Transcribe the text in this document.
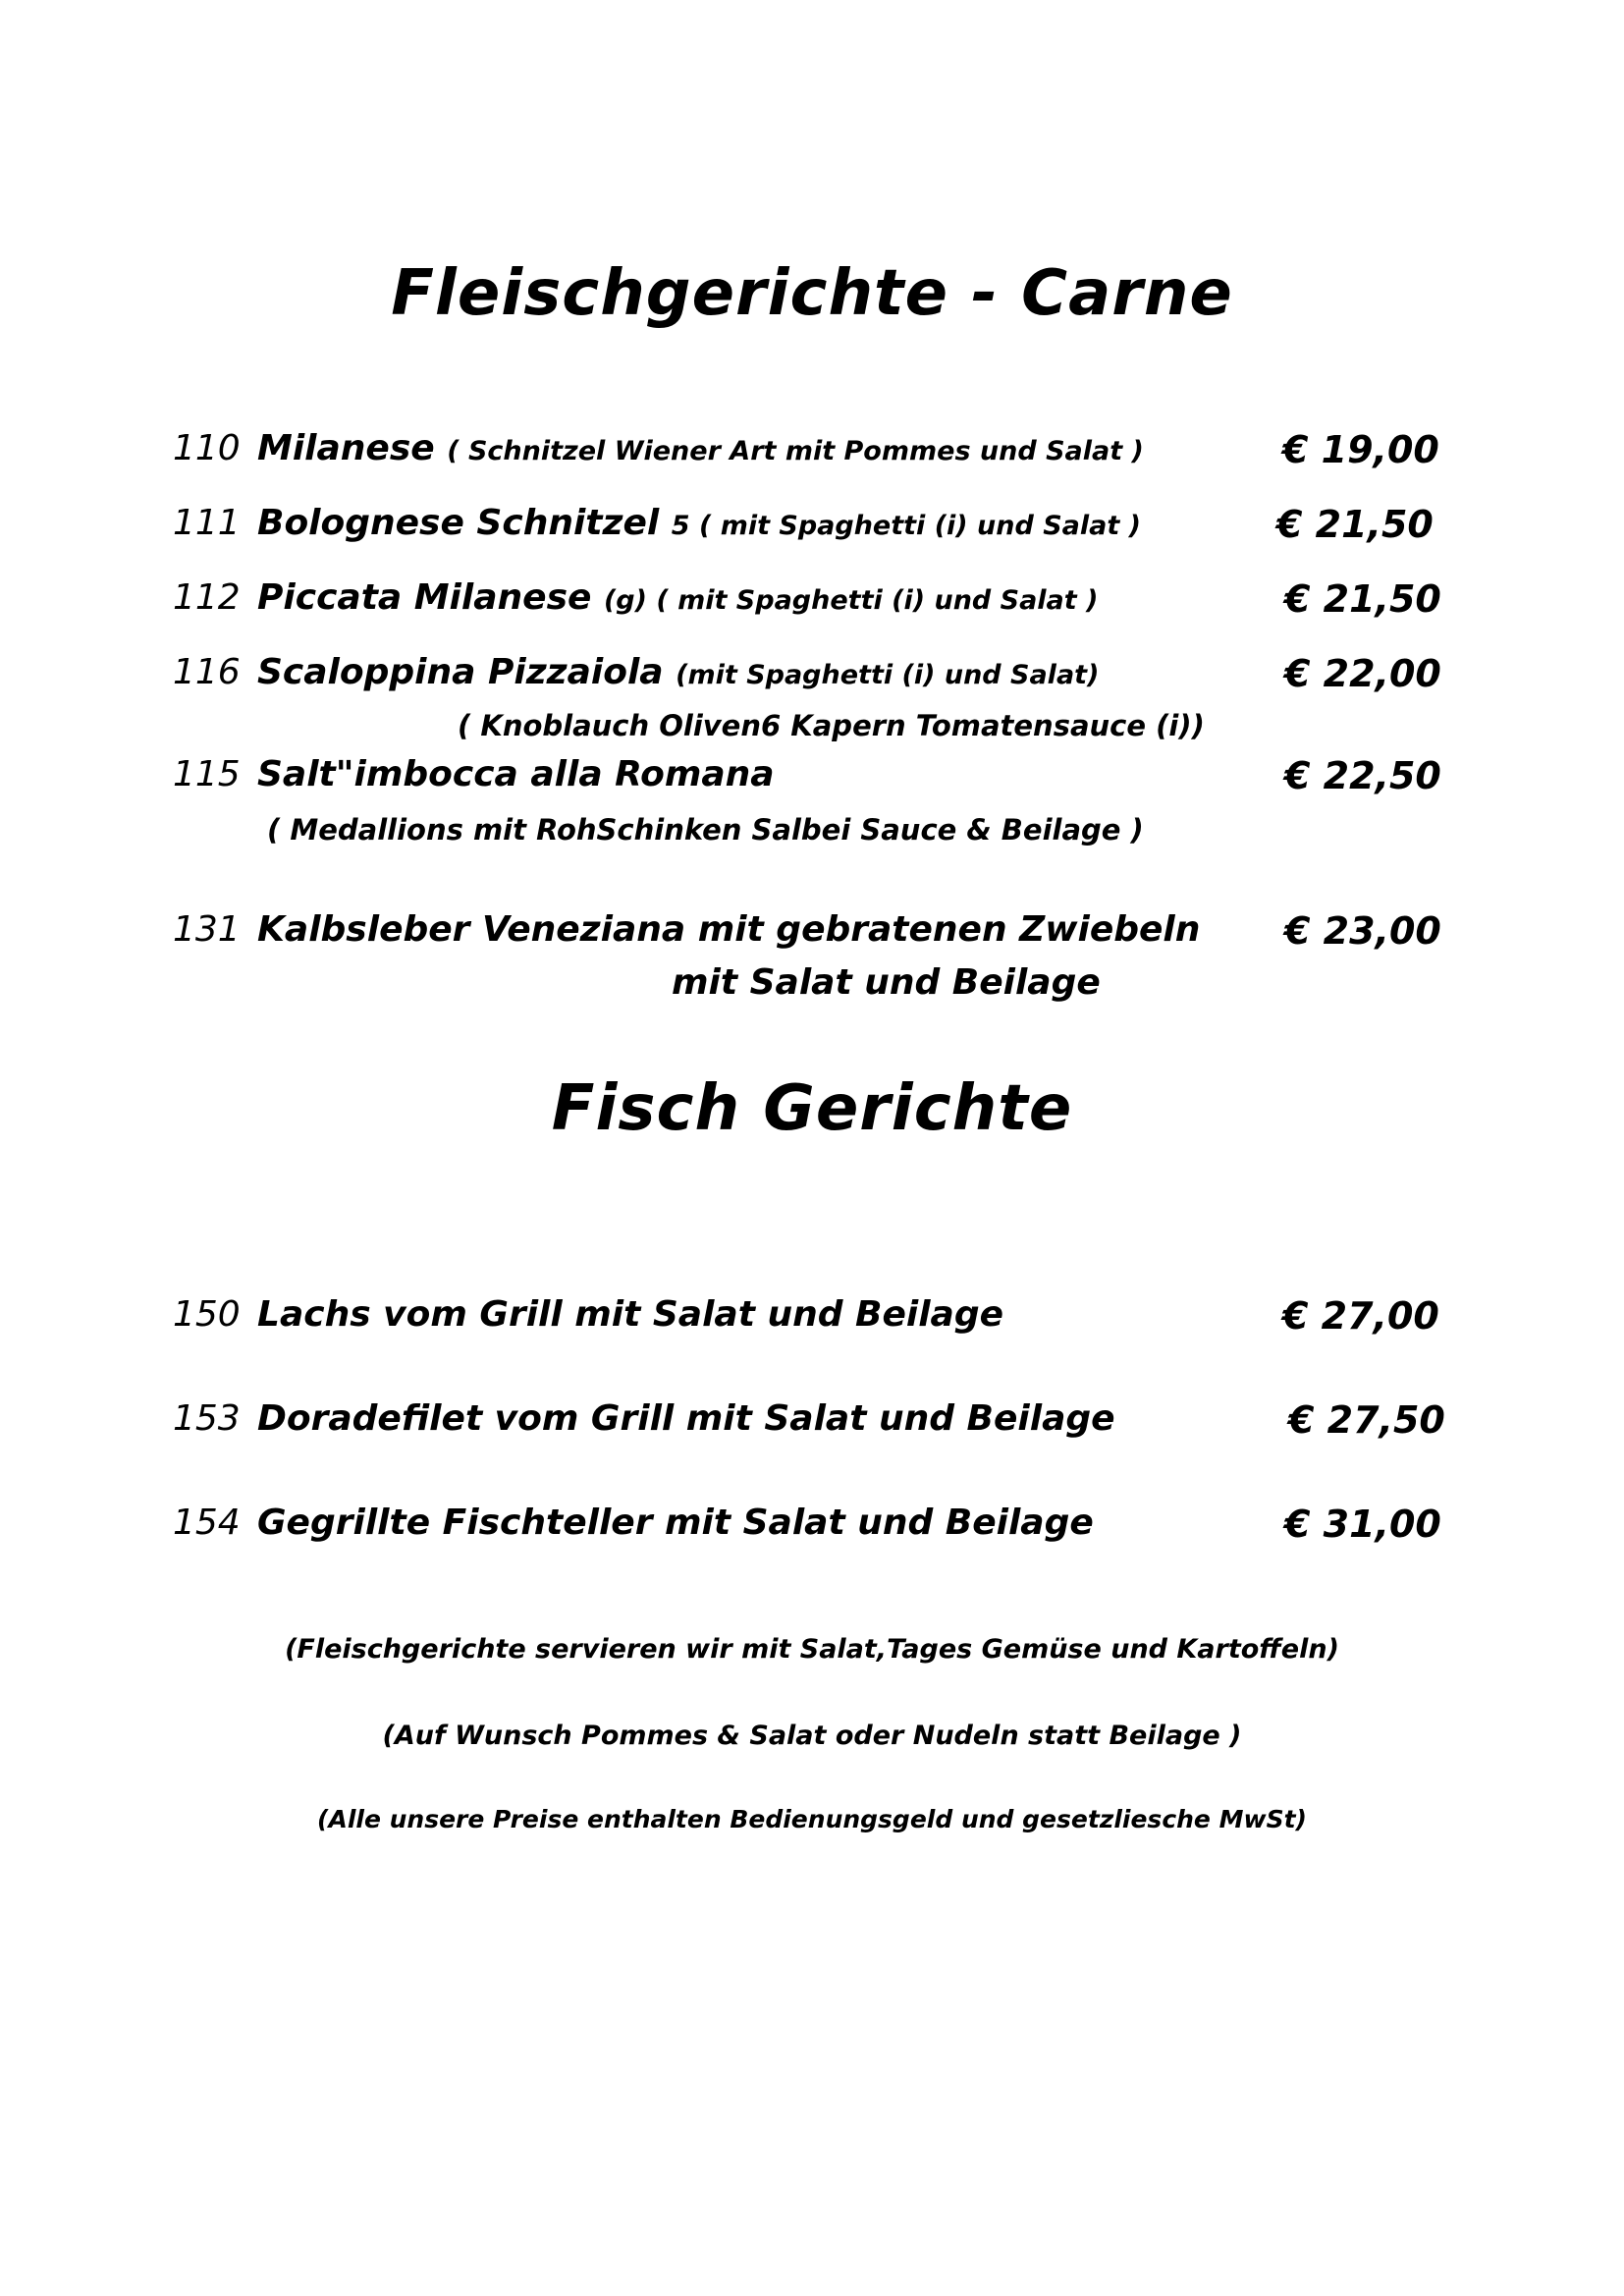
Fleischgerichte - Carne
110 Milanese ( Schnitzel Wiener Art mit Pommes und Salat )	€ 19,00
111 Bolognese Schnitzel 5 ( mit Spaghetti (i) und Salat )	€ 21,50
112 Piccata Milanese (g) ( mit Spaghetti (i) und Salat )	€ 21,50
116 Scaloppina Pizzaiola (mit Spaghetti (i) und Salat)	€ 22,00
( Knoblauch Oliven6 Kapern Tomatensauce (i))
115 Salt"imbocca alla Romana	€ 22,50
( Medallions mit RohSchinken Salbei Sauce & Beilage )
131 Kalbsleber Veneziana mit gebratenen Zwiebeln € 23,00
mit Salat und Beilage
Fisch Gerichte
150 Lachs vom Grill mit Salat und Beilage	€ 27,00
153 Doradefilet vom Grill mit Salat und Beilage	€ 27,50
154 Gegrillte Fischteller mit Salat und Beilage	€ 31,00
(Fleischgerichte servieren wir mit Salat,Tages Gemüse und Kartoffeln)
(Auf Wunsch Pommes & Salat oder Nudeln statt Beilage )
(Alle unsere Preise enthalten Bedienungsgeld und gesetzliesche MwSt)
